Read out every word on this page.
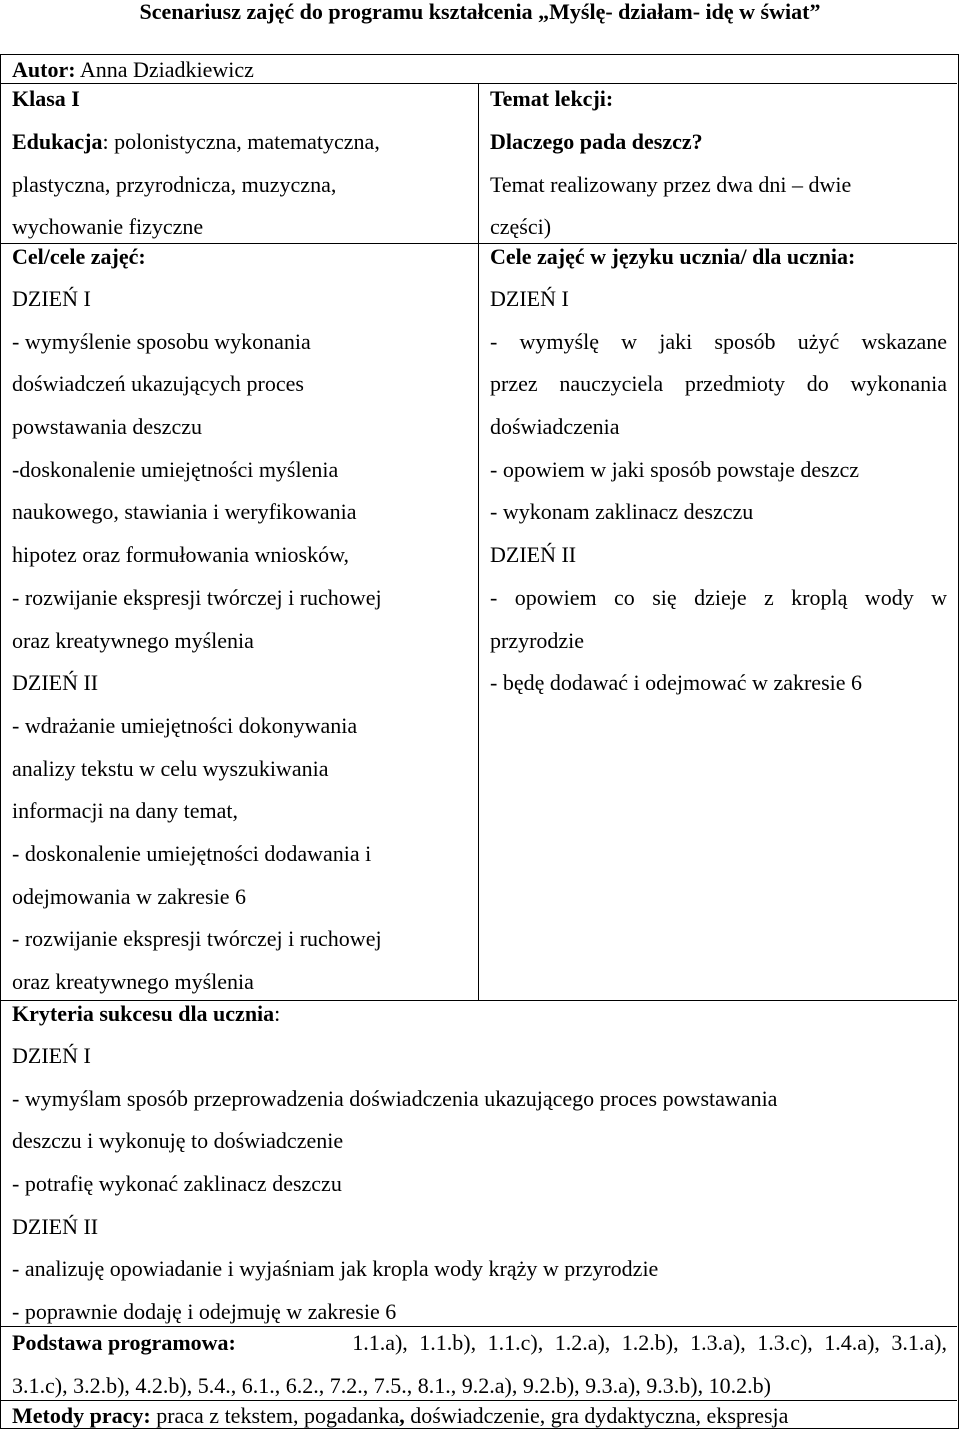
Scenariusz zajęć do programu kształcenia „Myślę- działam- idę w świat”
Autor: Anna Dziadkiewicz
Klasa I
Edukacja: polonistyczna, matematyczna,
plastyczna, przyrodnicza, muzyczna,
wychowanie fizyczne
Temat lekcji:
Dlaczego pada deszcz?
Temat realizowany przez dwa dni – dwie
części)
Cel/cele zajęć:
DZIEŃ I
- wymyślenie sposobu wykonania
doświadczeń ukazujących proces
powstawania deszczu
-doskonalenie umiejętności myślenia
naukowego, stawiania i weryfikowania
hipotez oraz formułowania wniosków,
- rozwijanie ekspresji twórczej i ruchowej
oraz kreatywnego myślenia
DZIEŃ II
- wdrażanie umiejętności dokonywania
analizy tekstu w celu wyszukiwania
informacji na dany temat,
- doskonalenie umiejętności dodawania i
odejmowania w zakresie 6
- rozwijanie ekspresji twórczej i ruchowej
oraz kreatywnego myślenia
Cele zajęć w języku ucznia/ dla ucznia:
DZIEŃ I
- wymyślę w jaki sposób użyć wskazane
przez nauczyciela przedmioty do wykonania
doświadczenia
- opowiem w jaki sposób powstaje deszcz
- wykonam zaklinacz deszczu
DZIEŃ II
- opowiem co się dzieje z kroplą wody w
przyrodzie
- będę dodawać i odejmować w zakresie 6
Kryteria sukcesu dla ucznia:
DZIEŃ I
- wymyślam sposób przeprowadzenia doświadczenia ukazującego proces powstawania
deszczu i wykonuję to doświadczenie
- potrafię wykonać zaklinacz deszczu
DZIEŃ II
- analizuję opowiadanie i wyjaśniam jak kropla wody krąży w przyrodzie
- poprawnie dodaję i odejmuję w zakresie 6
Podstawa programowa:	1.1.a), 1.1.b), 1.1.c), 1.2.a), 1.2.b), 1.3.a), 1.3.c), 1.4.a), 3.1.a),
3.1.c), 3.2.b), 4.2.b), 5.4., 6.1., 6.2., 7.2., 7.5., 8.1., 9.2.a), 9.2.b), 9.3.a), 9.3.b), 10.2.b)
Metody pracy: praca z tekstem, pogadanka, doświadczenie, gra dydaktyczna, ekspresja
